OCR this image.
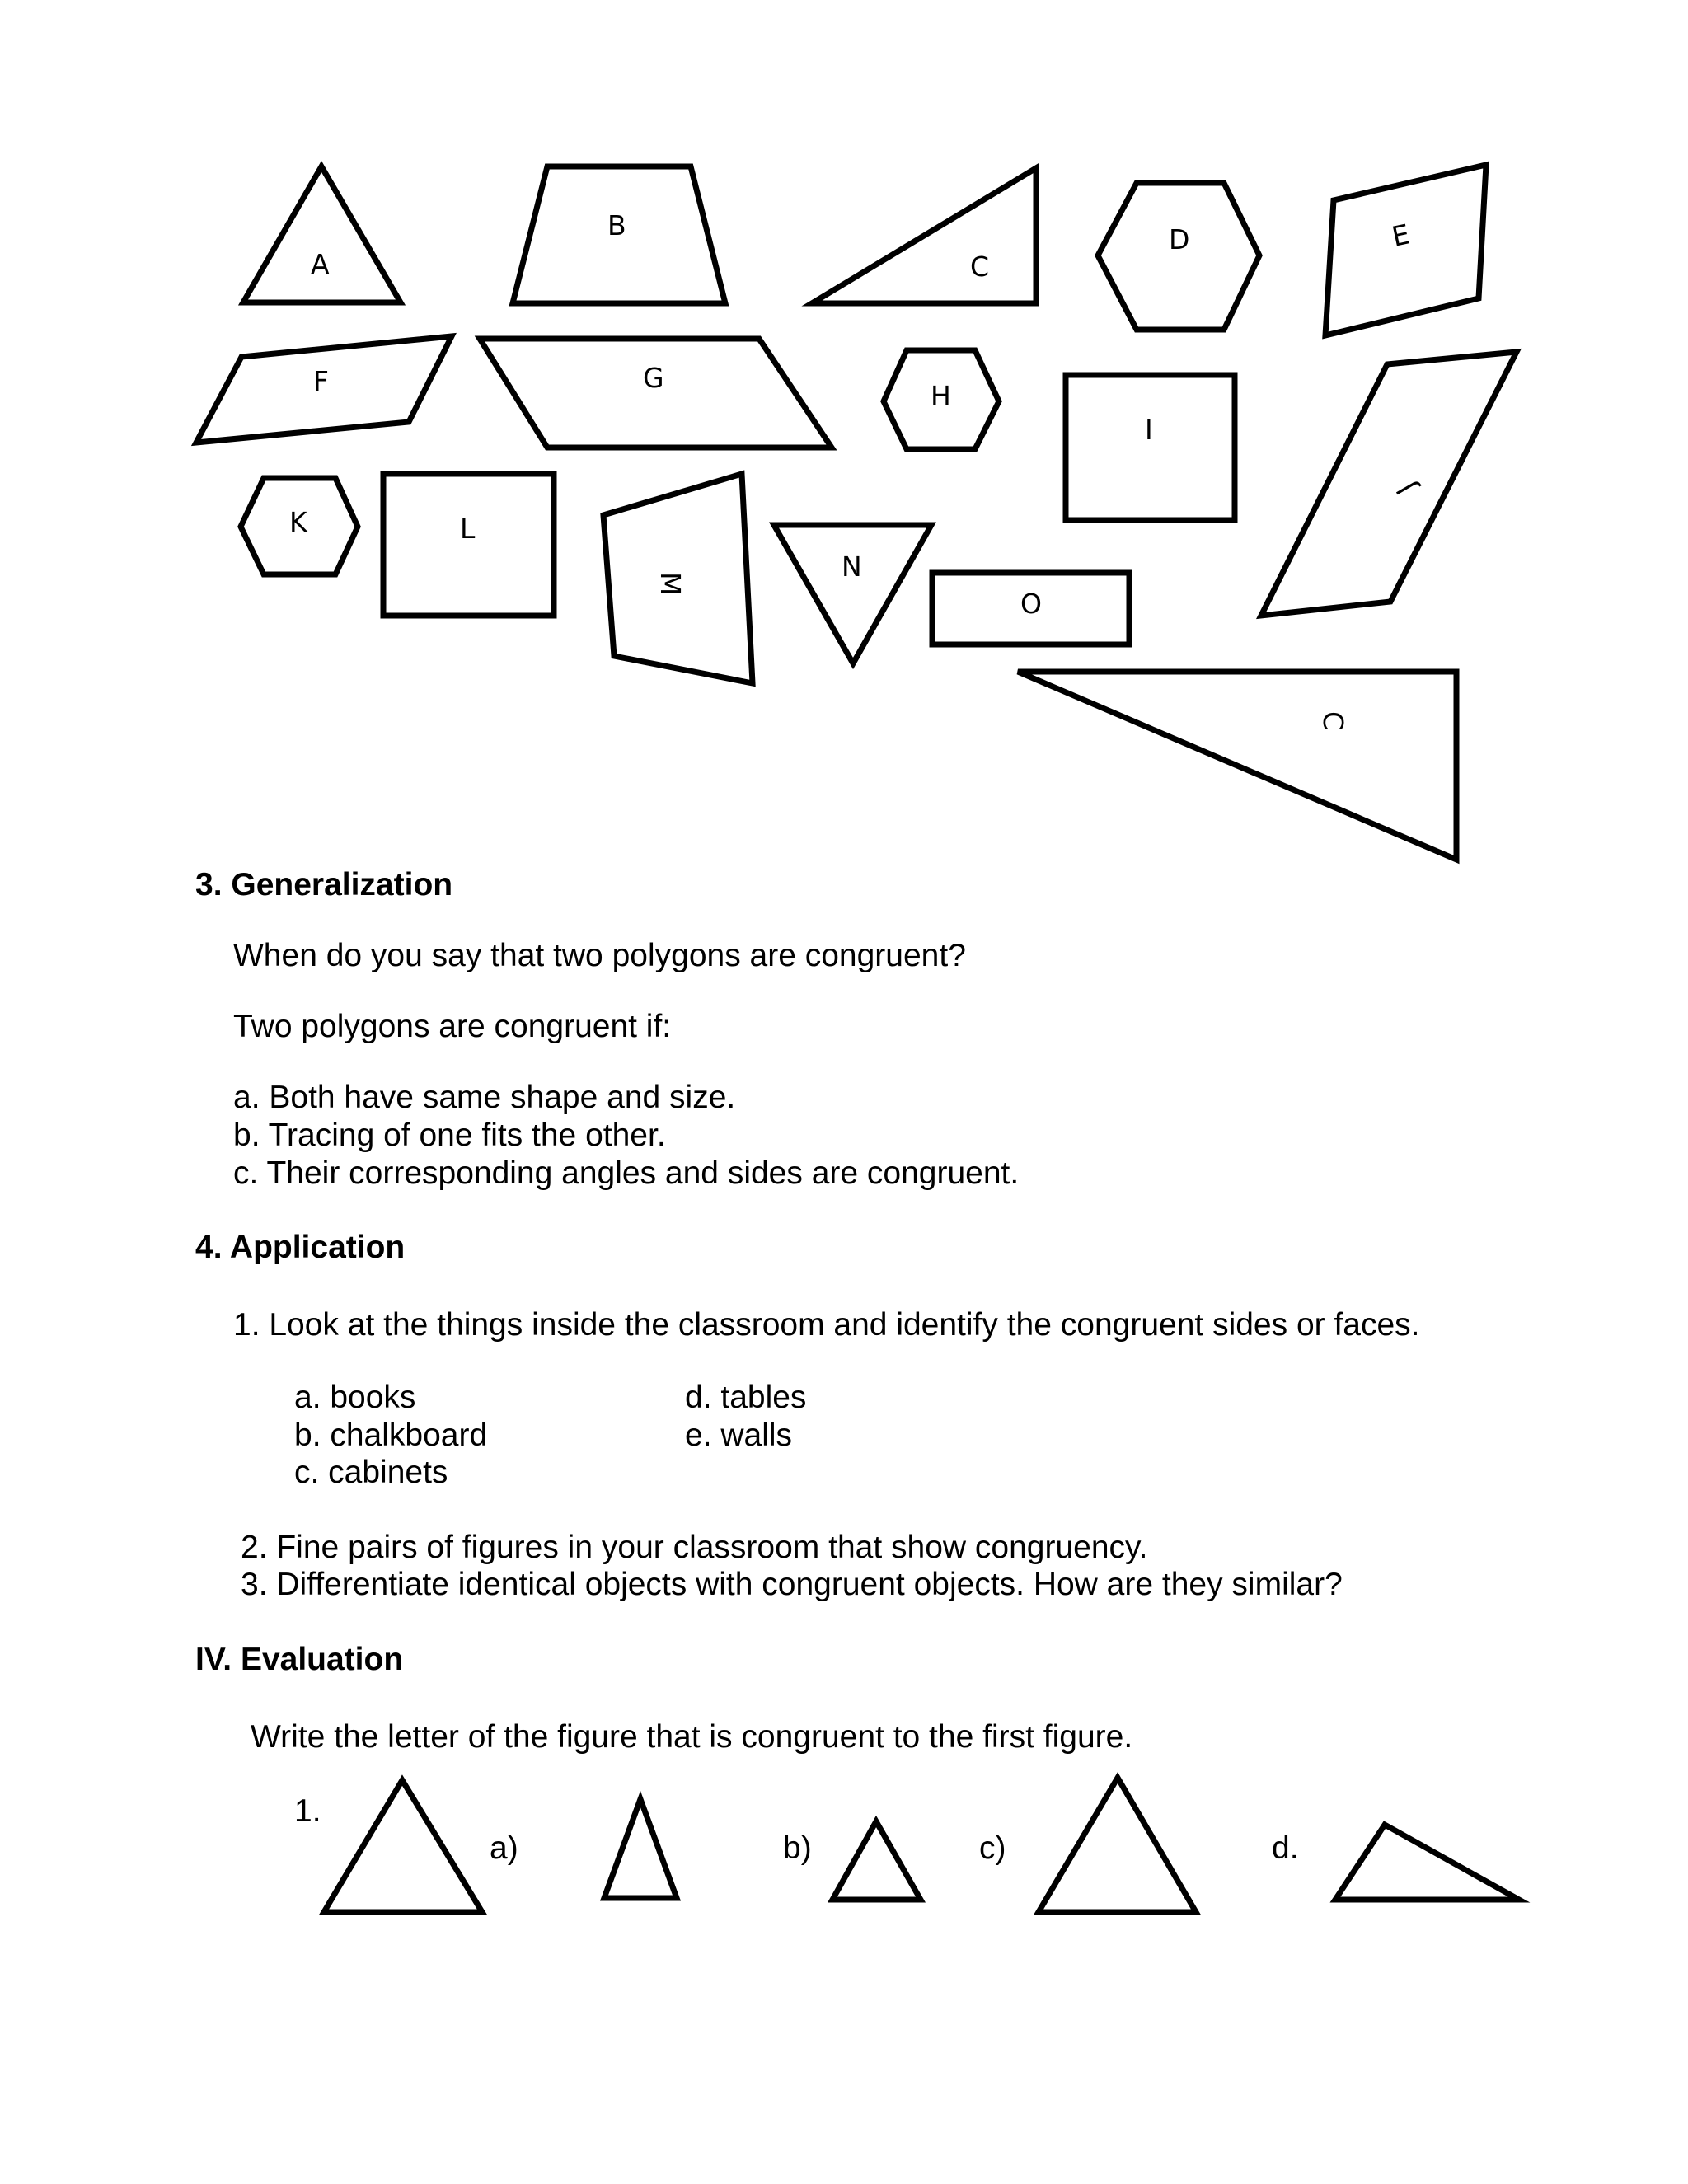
A
B
C
D	E
F	G
H
I
J
K	L
M
N
O
C
3. Generalization
When do you say that two polygons are congruent?
Two polygons are congruent if:
a. Both have same shape and size.
b. Tracing of one fits the other.
c. Their corresponding angles and sides are congruent.
4. Application
1. Look at the things inside the classroom and identify the congruent sides or faces.
a. books
b. chalkboard
c. cabinets
d. tables
e. walls
2. Fine pairs of figures in your classroom that show congruency.
3. Differentiate identical objects with congruent objects. How are they similar?
IV. Evaluation
Write the letter of the figure that is congruent to the first figure.
1.
a)	b)	c)	d.
